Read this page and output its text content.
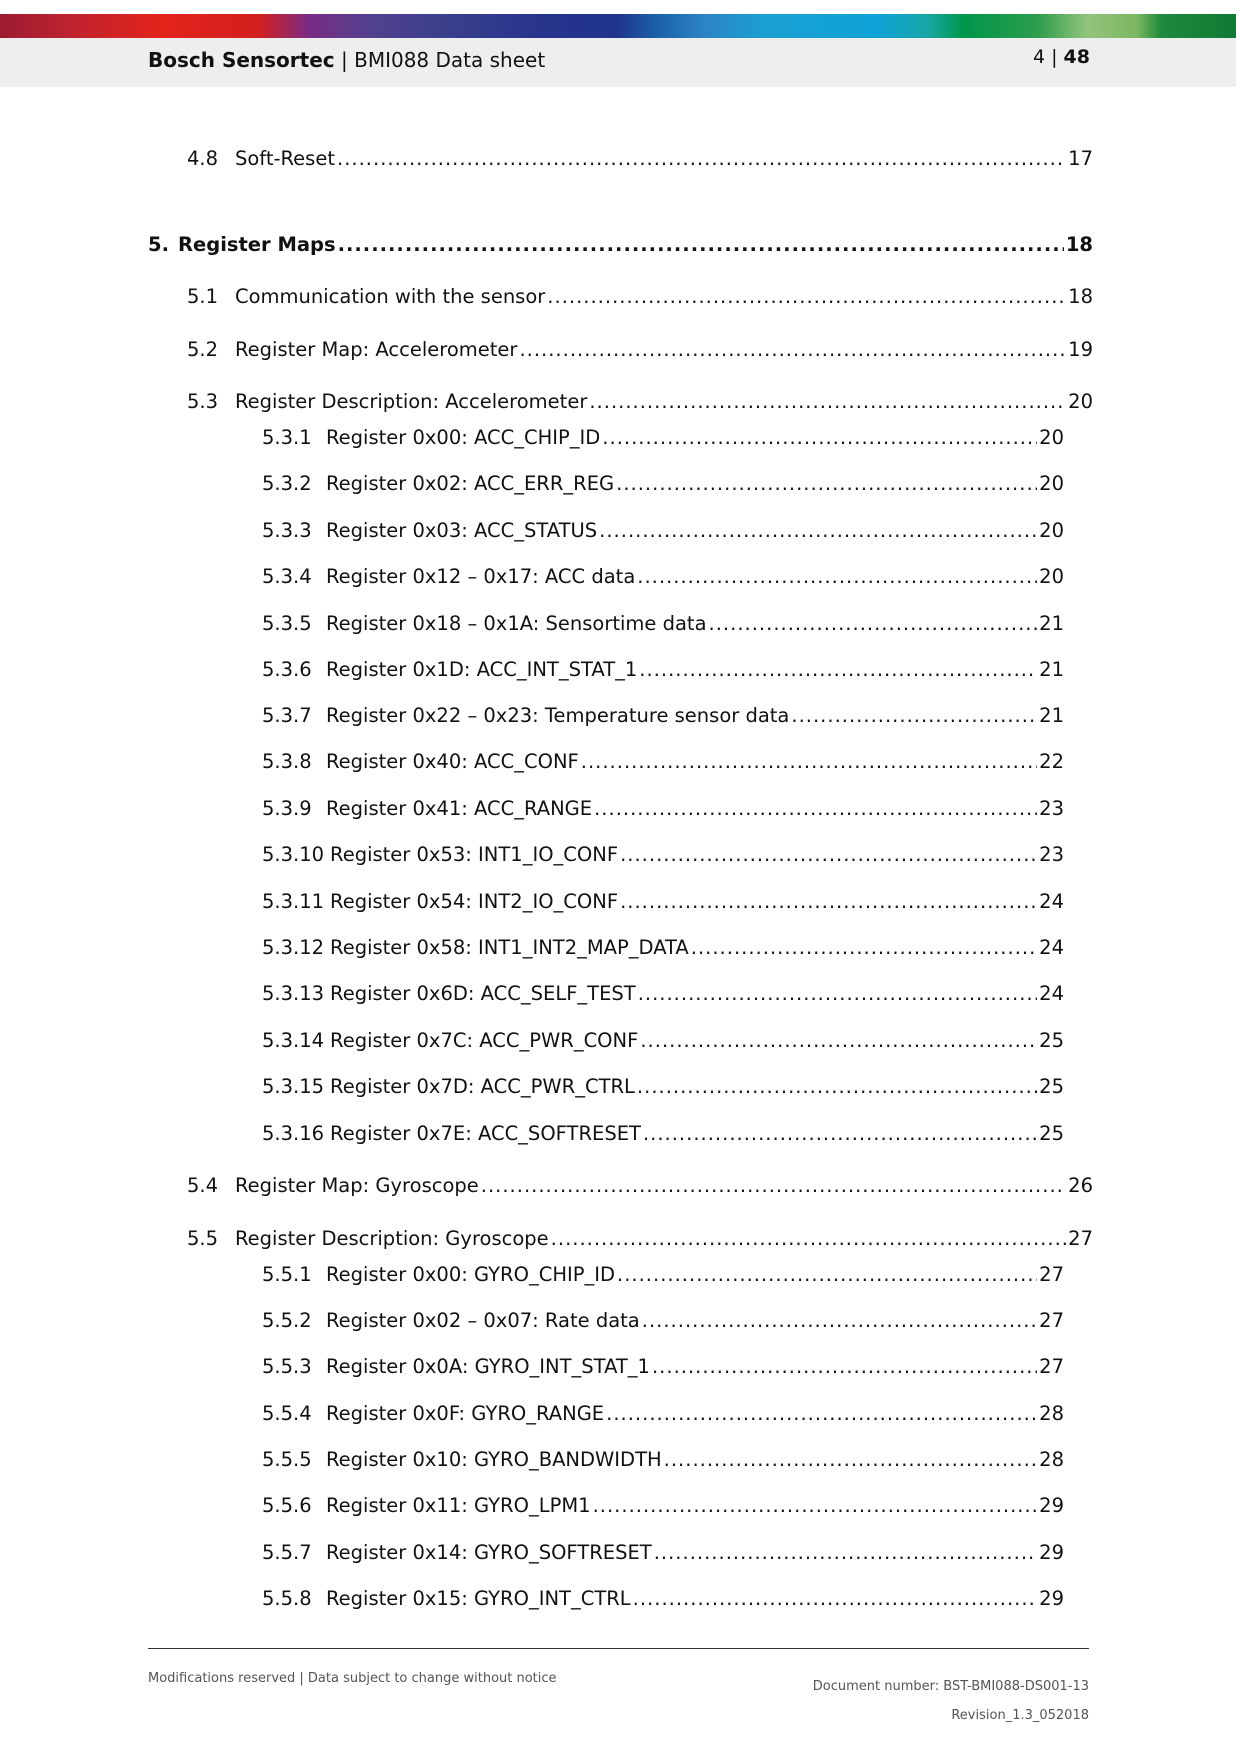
Bosch Sensortec | BMI088 Data sheet	4 | 48
4.8 Soft-Reset .....	17
5. Register Maps .....	18
5.1 Communication with the sensor .....	18
5.2 Register Map: Accelerometer .....	19
5.3 Register Description: Accelerometer .....	20
5.3.1 Register 0x00: ACC_CHIP_ID .....	20
5.3.2 Register 0x02: ACC_ERR_REG .....	20
5.3.3 Register 0x03: ACC_STATUS .....	20
5.3.4 Register 0x12 – 0x17: ACC data .....	20
5.3.5 Register 0x18 – 0x1A: Sensortime data .....	21
5.3.6 Register 0x1D: ACC_INT_STAT_1 .....	21
5.3.7 Register 0x22 – 0x23: Temperature sensor data .....	21
5.3.8 Register 0x40: ACC_CONF .....	22
5.3.9 Register 0x41: ACC_RANGE .....	23
5.3.10 Register 0x53: INT1_IO_CONF .....	23
5.3.11 Register 0x54: INT2_IO_CONF .....	24
5.3.12 Register 0x58: INT1_INT2_MAP_DATA .....	24
5.3.13 Register 0x6D: ACC_SELF_TEST .....	24
5.3.14 Register 0x7C: ACC_PWR_CONF .....	25
5.3.15 Register 0x7D: ACC_PWR_CTRL .....	25
5.3.16 Register 0x7E: ACC_SOFTRESET .....	25
5.4 Register Map: Gyroscope .....	26
5.5 Register Description: Gyroscope .....	27
5.5.1 Register 0x00: GYRO_CHIP_ID .....	27
5.5.2 Register 0x02 – 0x07: Rate data .....	27
5.5.3 Register 0x0A: GYRO_INT_STAT_1 .....	27
5.5.4 Register 0x0F: GYRO_RANGE .....	28
5.5.5 Register 0x10: GYRO_BANDWIDTH .....	28
5.5.6 Register 0x11: GYRO_LPM1 .....	29
5.5.7 Register 0x14: GYRO_SOFTRESET .....	29
5.5.8 Register 0x15: GYRO_INT_CTRL .....	29
Modifications reserved | Data subject to change without notice
Document number: BST-BMI088-DS001-13
Revision_1.3_052018
